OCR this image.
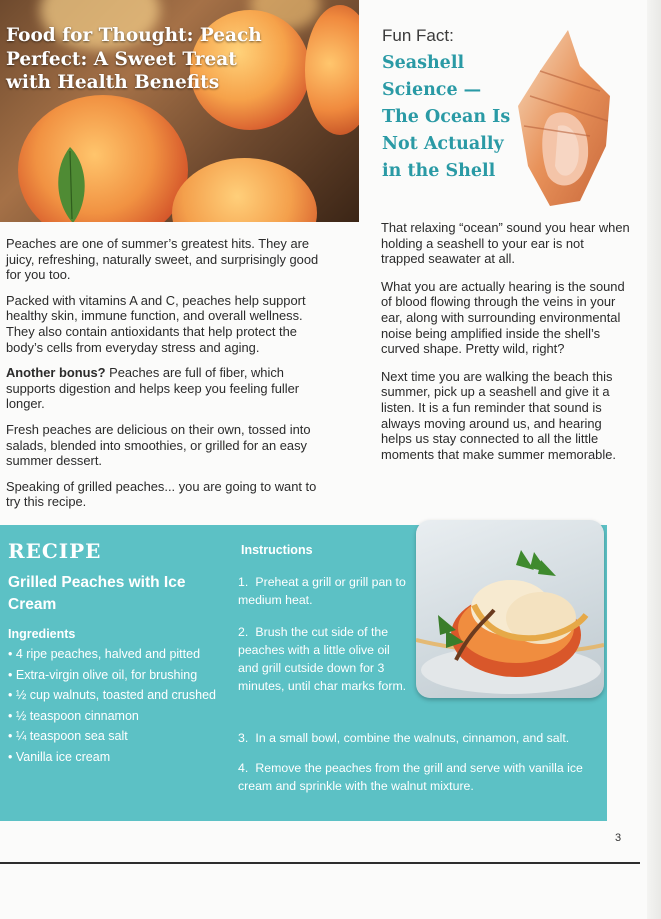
Food for Thought: Peach Perfect: A Sweet Treat with Health Benefits

Peaches are one of summer’s greatest hits. They are juicy, refreshing, naturally sweet, and surprisingly good for you too.

Packed with vitamins A and C, peaches help support healthy skin, immune function, and overall wellness. They also contain antioxidants that help protect the body’s cells from everyday stress and aging.

Another bonus? Peaches are full of fiber, which supports digestion and helps keep you feeling fuller longer.

Fresh peaches are delicious on their own, tossed into salads, blended into smoothies, or grilled for an easy summer dessert.

Speaking of grilled peaches... you are going to want to try this recipe.

Fun Fact:

Seashell Science — The Ocean Is Not Actually in the Shell

That relaxing “ocean” sound you hear when holding a seashell to your ear is not trapped seawater at all.

What you are actually hearing is the sound of blood flowing through the veins in your ear, along with surrounding environmental noise being amplified inside the shell’s curved shape. Pretty wild, right?

Next time you are walking the beach this summer, pick up a seashell and give it a listen. It is a fun reminder that sound is always moving around us, and hearing helps us stay connected to all the little moments that make summer memorable.

RECIPE
Grilled Peaches with Ice Cream
Ingredients
• 4 ripe peaches, halved and pitted
• Extra-virgin olive oil, for brushing
• ½ cup walnuts, toasted and crushed
• ½ teaspoon cinnamon
• ¼ teaspoon sea salt
• Vanilla ice cream
Instructions
1. Preheat a grill or grill pan to medium heat.
2. Brush the cut side of the peaches with a little olive oil and grill cutside down for 3 minutes, until char marks form.
3. In a small bowl, combine the walnuts, cinnamon, and salt.
4. Remove the peaches from the grill and serve with vanilla ice cream and sprinkle with the walnut mixture.

3
